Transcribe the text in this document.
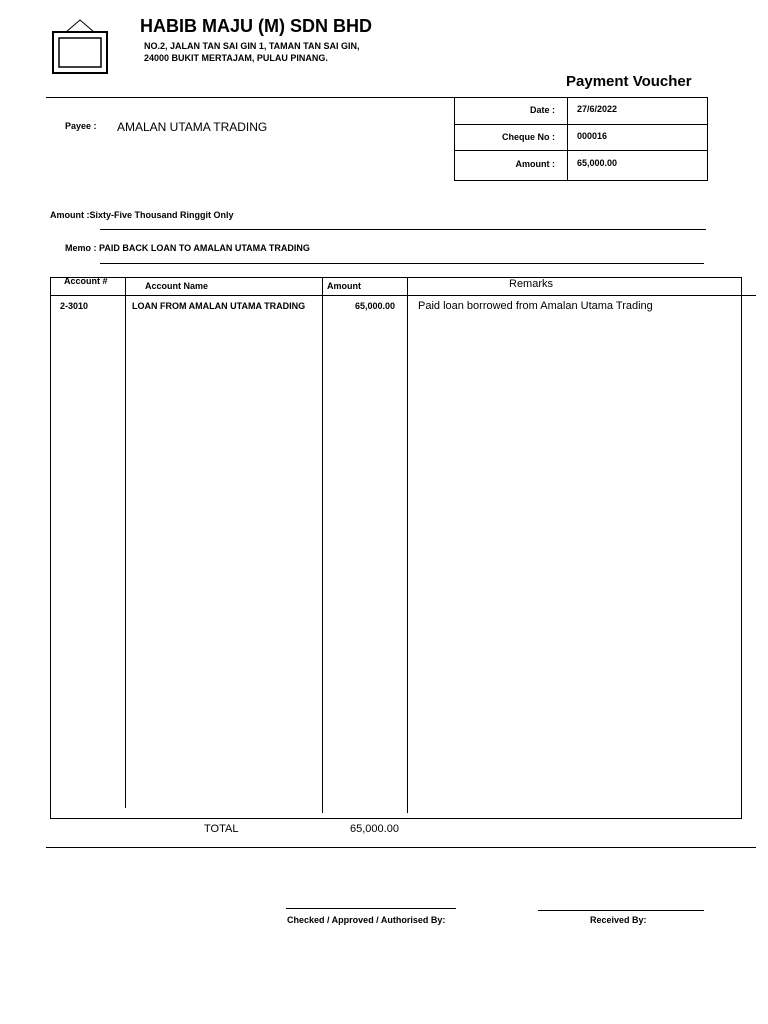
HABIB MAJU (M) SDN BHD
NO.2, JALAN TAN SAI GIN 1, TAMAN TAN SAI GIN,
24000 BUKIT MERTAJAM, PULAU PINANG.
Payment Voucher
Payee : AMALAN UTAMA TRADING
Date : 27/6/2022
Cheque No : 000016
Amount : 65,000.00
Amount :Sixty-Five Thousand Ringgit Only
Memo : PAID BACK LOAN TO AMALAN UTAMA TRADING
Account #	Account Name	Amount	Remarks
2-3010	LOAN FROM AMALAN UTAMA TRADING	65,000.00 Paid loan borrowed from Amalan Utama Trading
TOTAL	65,000.00
Checked / Approved / Authorised By:	Received By:
